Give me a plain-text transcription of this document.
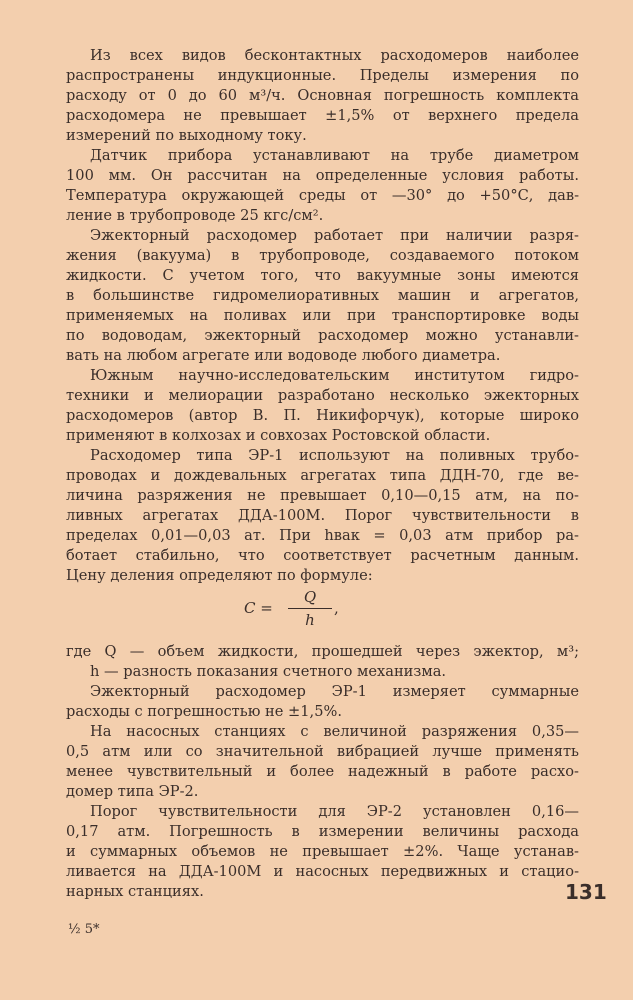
Из всех видов бесконтактных расходомеров наиболее
распространены индукционные. Пределы измерения по
расходу от 0 до 60 м³/ч. Основная погрешность комплекта
расходомера не превышает ±1,5% от верхнего предела
измерений по выходному току.
Датчик прибора устанавливают на трубе диаметром
100 мм. Он рассчитан на определенные условия работы.
Температура окружающей среды от —30° до +50°С, дав-
ление в трубопроводе 25 кгс/см².
Эжекторный расходомер работает при наличии разря-
жения (вакуума) в трубопроводе, создаваемого потоком
жидкости. С учетом того, что вакуумные зоны имеются
в большинстве гидромелиоративных машин и агрегатов,
применяемых на поливах или при транспортировке воды
по водоводам, эжекторный расходомер можно устанавли-
вать на любом агрегате или водоводе любого диаметра.
Южным научно-исследовательским институтом гидро-
техники и мелиорации разработано несколько эжекторных
расходомеров (автор В. П. Никифорчук), которые широко
применяют в колхозах и совхозах Ростовской области.
Расходомер типа ЭР-1 используют на поливных трубо-
проводах и дождевальных агрегатах типа ДДН-70, где ве-
личина разряжения не превышает 0,10—0,15 атм, на по-
ливных агрегатах ДДА-100М. Порог чувствительности в
пределах 0,01—0,03 ат. При hвак = 0,03 атм прибор ра-
ботает стабильно, что соответствует расчетным данным.
Цену деления определяют по формуле:
C =
Q
h
,
где Q — объем жидкости, прошедшей через эжектор, м³;
h — разность показания счетного механизма.
Эжекторный расходомер ЭР-1 измеряет суммарные
расходы с погрешностью не ±1,5%.
На насосных станциях с величиной разряжения 0,35—
0,5 атм или со значительной вибрацией лучше применять
менее чувствительный и более надежный в работе расхо-
домер типа ЭР-2.
Порог чувствительности для ЭР-2 установлен 0,16—
0,17 атм. Погрешность в измерении величины расхода
и суммарных объемов не превышает ±2%. Чаще устанав-
ливается на ДДА-100М и насосных передвижных и стацио-
нарных станциях.	131
½ 5*
